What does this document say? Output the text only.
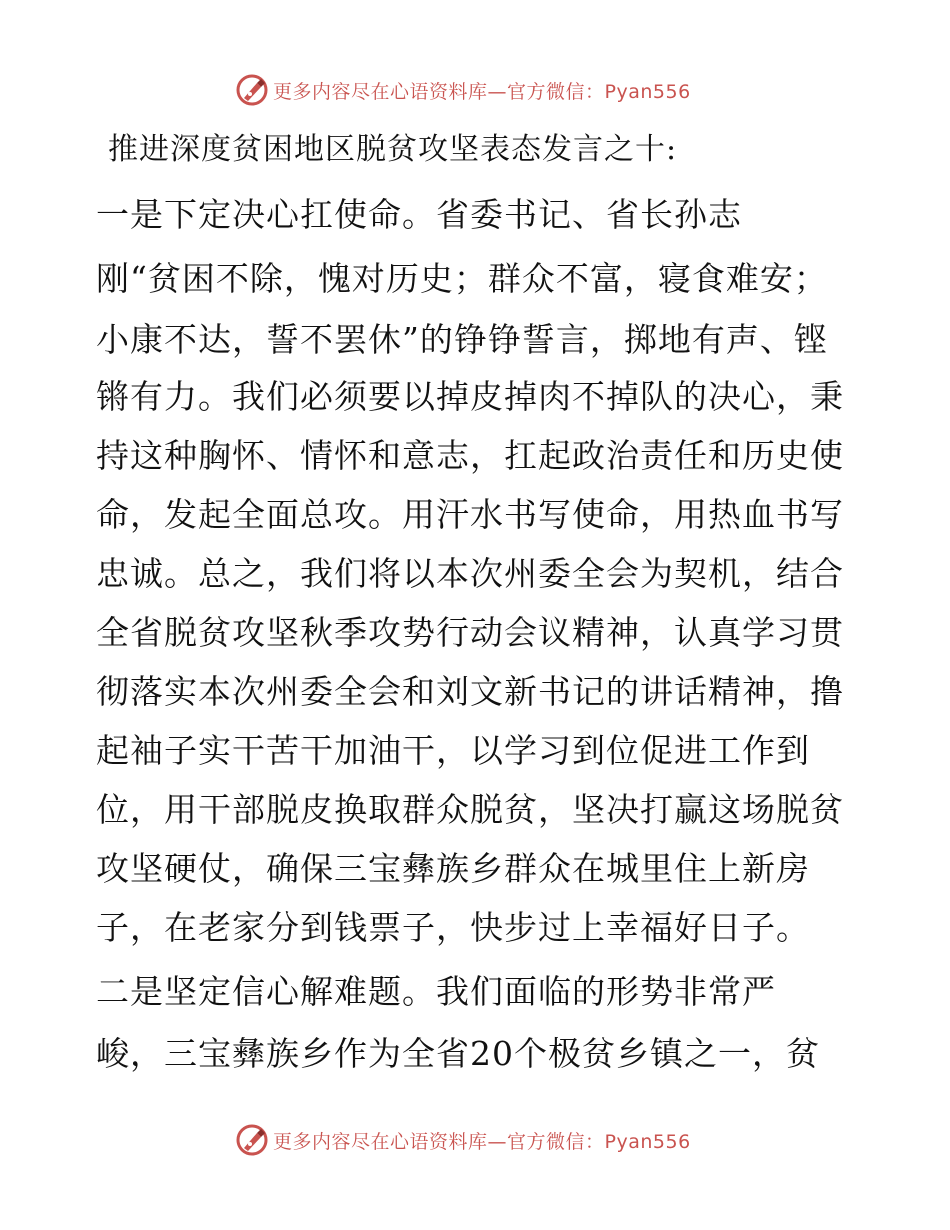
更多内容尽在心语资料库—官方微信：Pyan556
推进深度贫困地区脱贫攻坚表态发言之十:
一是下定决心扛使命。省委书记、省长孙志
刚“贫困不除，愧对历史；群众不富，寝食难安；
小康不达，誓不罢休”的铮铮誓言，掷地有声、铿
锵有力。我们必须要以掉皮掉肉不掉队的决心，秉
持这种胸怀、情怀和意志，扛起政治责任和历史使
命，发起全面总攻。用汗水书写使命，用热血书写
忠诚。总之，我们将以本次州委全会为契机，结合
全省脱贫攻坚秋季攻势行动会议精神，认真学习贯
彻落实本次州委全会和刘文新书记的讲话精神，撸
起袖子实干苦干加油干，以学习到位促进工作到
位，用干部脱皮换取群众脱贫，坚决打赢这场脱贫
攻坚硬仗，确保三宝彝族乡群众在城里住上新房
子，在老家分到钱票子，快步过上幸福好日子。
二是坚定信心解难题。我们面临的形势非常严
峻，三宝彝族乡作为全省20个极贫乡镇之一，贫
更多内容尽在心语资料库—官方微信：Pyan556
